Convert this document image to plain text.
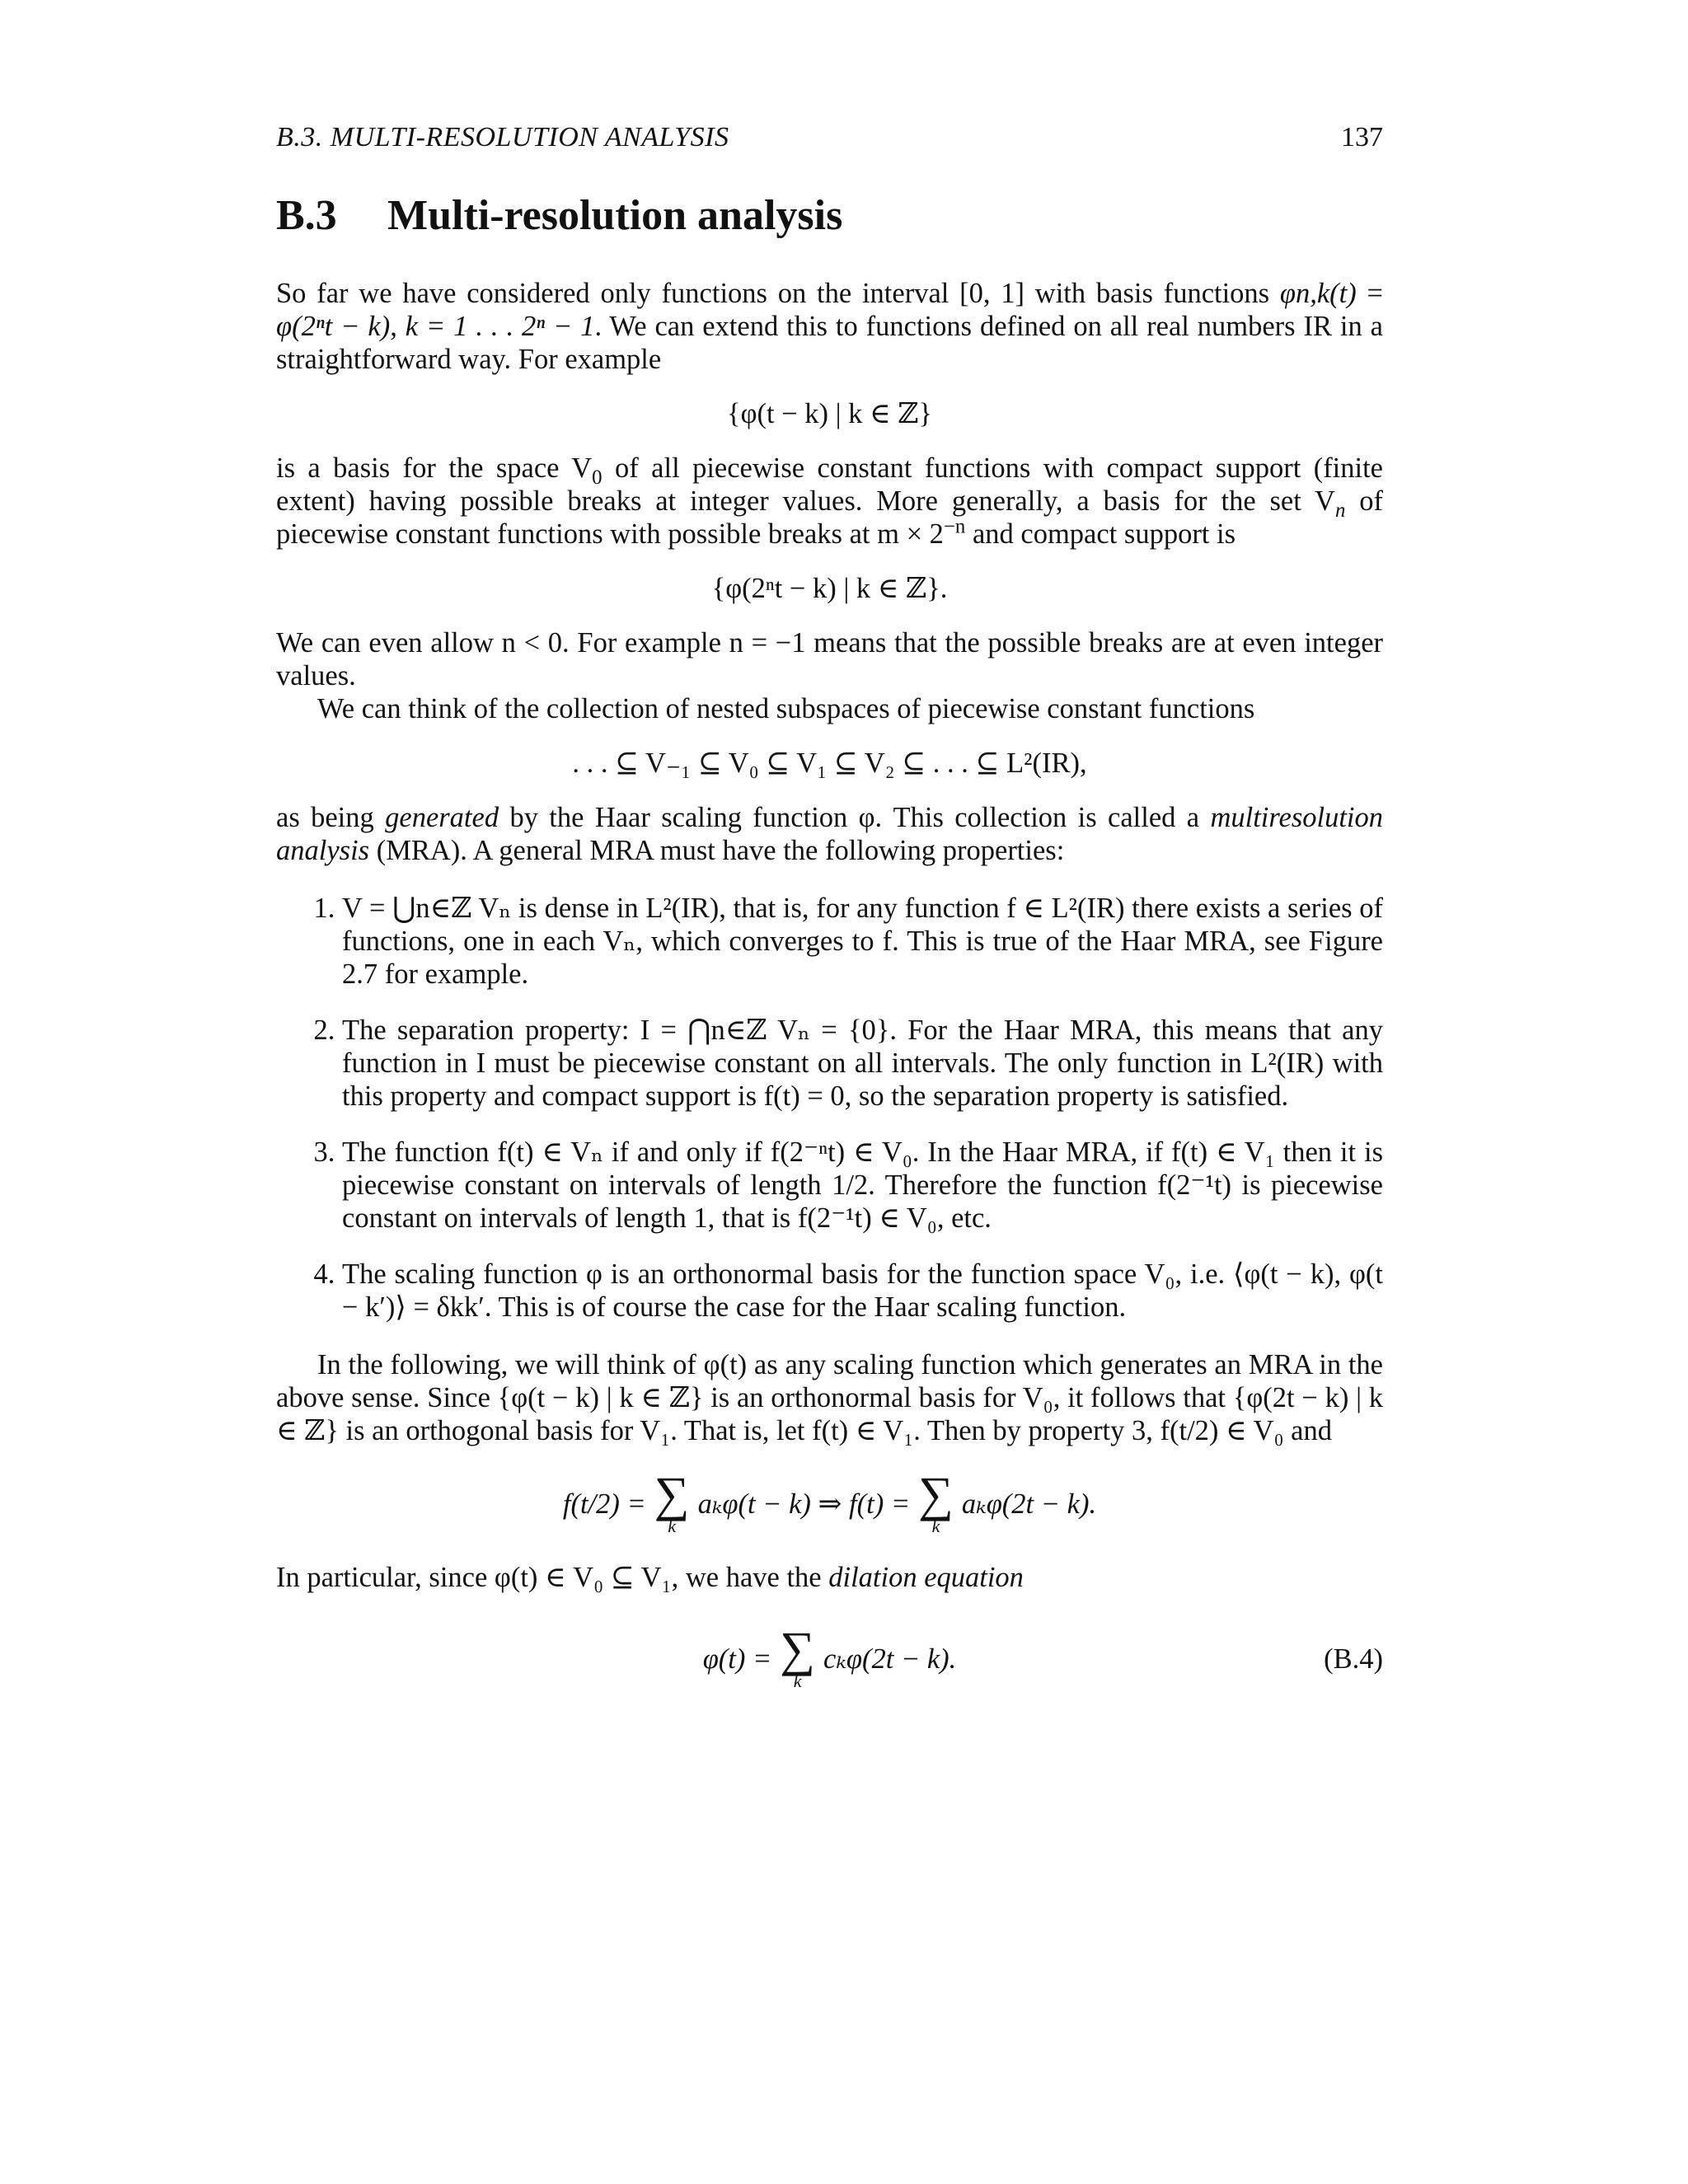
B.3. MULTI-RESOLUTION ANALYSIS	137
B.3 Multi-resolution analysis

So far we have considered only functions on the interval [0, 1] with basis functions φn,k(t) = φ(2ⁿt − k), k = 1 . . . 2ⁿ − 1. We can extend this to functions defined on all real numbers IR in a straightforward way. For example

{φ(t − k) | k ∈ ℤ}

is a basis for the space $V_0$ of all piecewise constant functions with compact support (finite extent) having possible breaks at integer values. More generally, a basis for the set $V_n$ of piecewise constant functions with possible breaks at $m \times 2^{-n}$ and compact support is

{φ(2ⁿt − k) | k ∈ ℤ}.

We can even allow n < 0. For example n = −1 means that the possible breaks are at even integer values.

We can think of the collection of nested subspaces of piecewise constant functions

. . . ⊆ V₋₁ ⊆ V₀ ⊆ V₁ ⊆ V₂ ⊆ . . . ⊆ L²(IR),

as being generated by the Haar scaling function φ. This collection is called a multiresolution analysis (MRA). A general MRA must have the following properties:

1. V = ⋃n∈ℤ Vₙ is dense in L²(IR), that is, for any function f ∈ L²(IR) there exists a series of functions, one in each Vₙ, which converges to f. This is true of the Haar MRA, see Figure 2.7 for example.
2. The separation property: I = ⋂n∈ℤ Vₙ = {0}. For the Haar MRA, this means that any function in I must be piecewise constant on all intervals. The only function in L²(IR) with this property and compact support is f(t) = 0, so the separation property is satisfied.
3. The function f(t) ∈ Vₙ if and only if f(2⁻ⁿt) ∈ V₀. In the Haar MRA, if f(t) ∈ V₁ then it is piecewise constant on intervals of length 1/2. Therefore the function f(2⁻¹t) is piecewise constant on intervals of length 1, that is f(2⁻¹t) ∈ V₀, etc.
4. The scaling function φ is an orthonormal basis for the function space V₀, i.e. ⟨φ(t − k), φ(t − k′)⟩ = δkk′. This is of course the case for the Haar scaling function.

In the following, we will think of φ(t) as any scaling function which generates an MRA in the above sense. Since {φ(t − k) | k ∈ ℤ} is an orthonormal basis for V₀, it follows that {φ(2t − k) | k ∈ ℤ} is an orthogonal basis for V₁. That is, let f(t) ∈ V₁. Then by property 3, f(t/2) ∈ V₀ and

f(t/2) = ∑
k
aₖφ(t − k) ⇒ f(t) = ∑
k
aₖφ(2t − k).

In particular, since φ(t) ∈ V₀ ⊆ V₁, we have the dilation equation

φ(t) = ∑
k
cₖφ(2t − k).	(B.4)
